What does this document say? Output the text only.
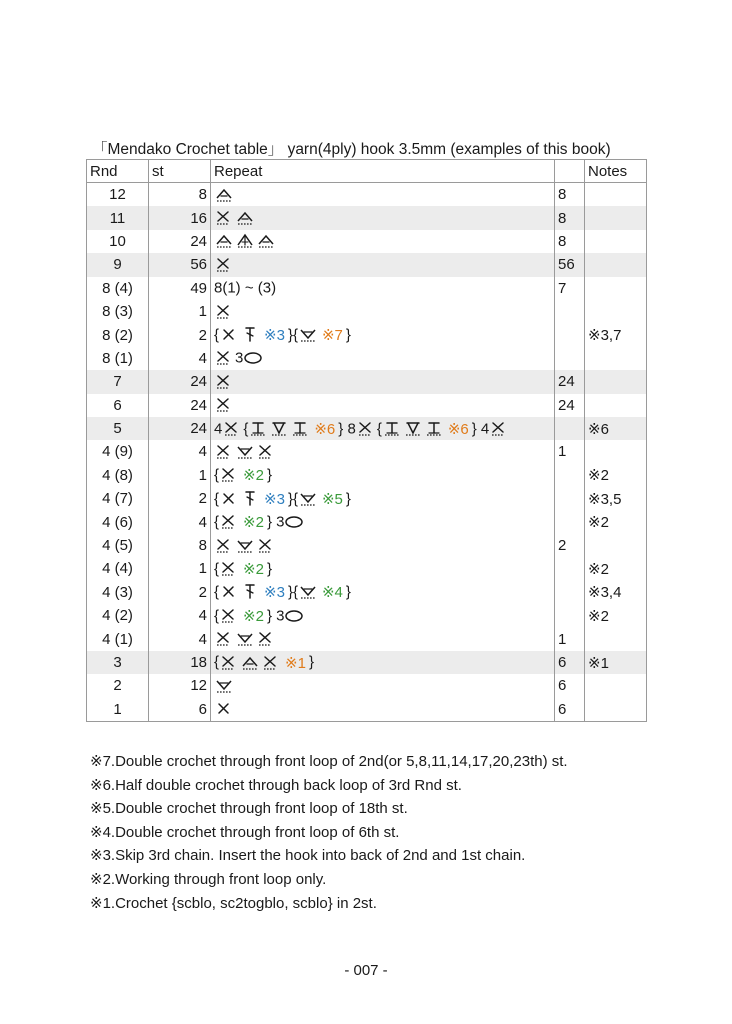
「Mendako Crochet table」 yarn(4ply) hook 3.5mm (examples of this book)
Rnd	st	Repeat		Notes
12	8		8	
11	16		8	
10	24		8	
9	56		56	
8 (4)	49	8(1) ~ (3)	7	
8 (3)	1			
8 (2)	2	{ ※3 }{ ※7 }		※3,7
8 (1)	4	3		
7	24		24	
6	24		24	
5	24	4 { ※6 } 8 { ※6 } 4		※6
4 (9)	4		1	
4 (8)	1	{ ※2 }		※2
4 (7)	2	{ ※3 }{ ※5 }		※3,5
4 (6)	4	{ ※2 } 3		※2
4 (5)	8		2	
4 (4)	1	{ ※2 }		※2
4 (3)	2	{ ※3 }{ ※4 }		※3,4
4 (2)	4	{ ※2 } 3		※2
4 (1)	4		1	
3	18	{ ※1 }	6	※1
2	12		6	
1	6		6	
※7.Double crochet through front loop of 2nd(or 5,8,11,14,17,20,23th) st.
※6.Half double crochet through back loop of 3rd Rnd st.
※5.Double crochet through front loop of 18th st.
※4.Double crochet through front loop of 6th st.
※3.Skip 3rd chain. Insert the hook into back of 2nd and 1st chain.
※2.Working through front loop only.
※1.Crochet {scblo, sc2togblo, scblo} in 2st.
- 007 -
